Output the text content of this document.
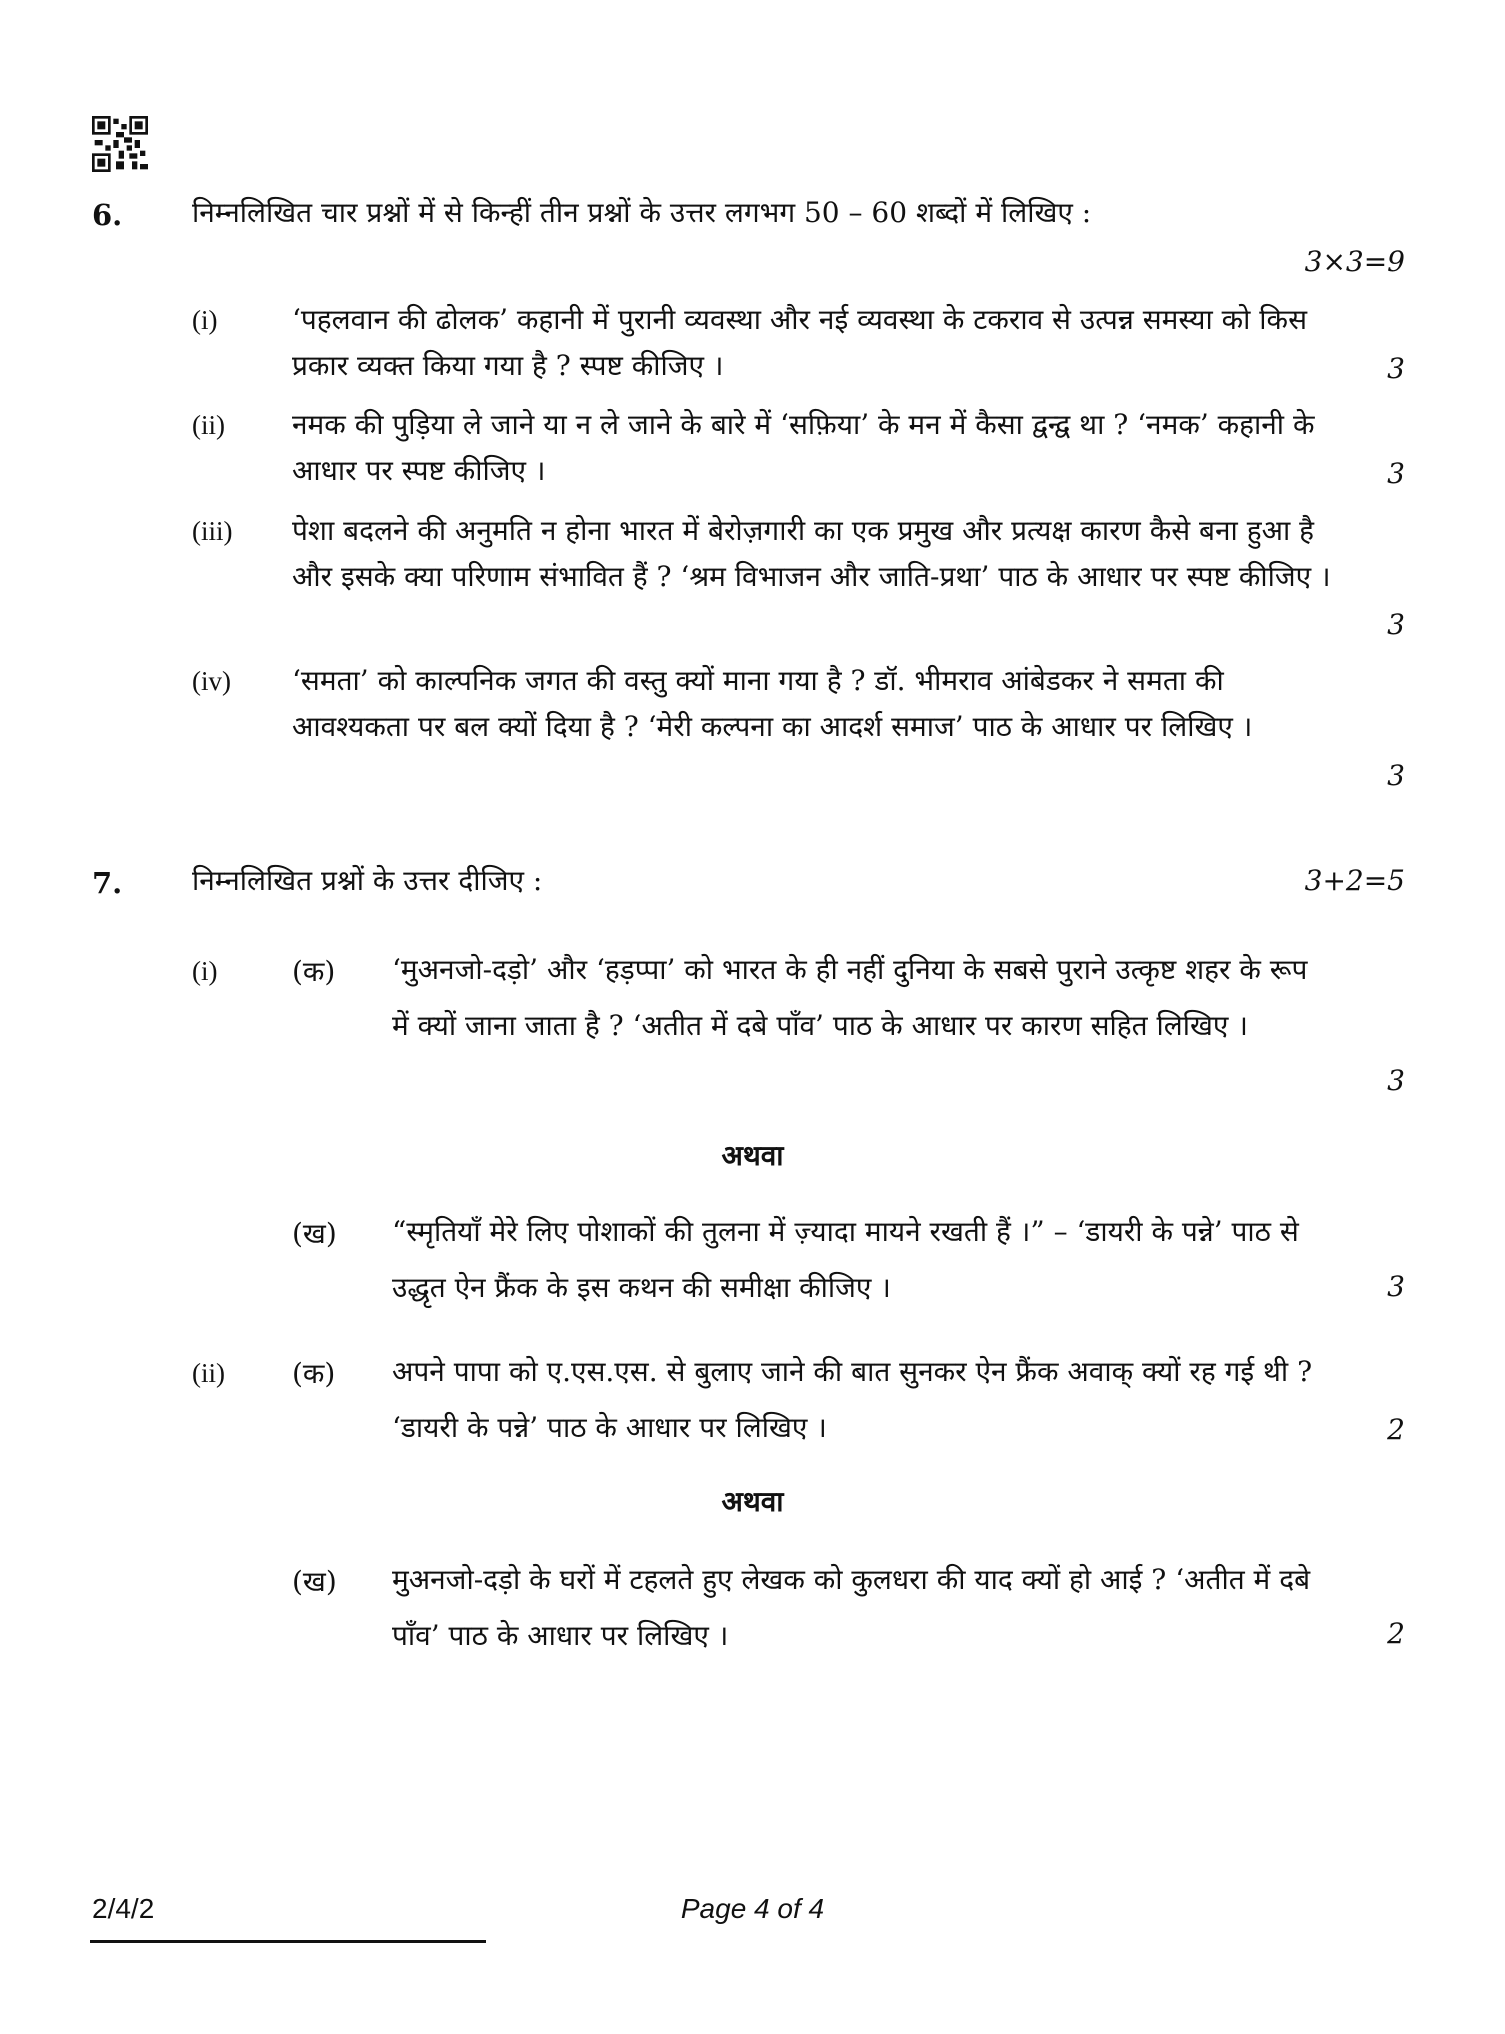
6. निम्नलिखित चार प्रश्नों में से किन्हीं तीन प्रश्नों के उत्तर लगभग 50 – 60 शब्दों में लिखिए :
3×3=9
(i)	‘पहलवान की ढोलक’ कहानी में पुरानी व्यवस्था और नई व्यवस्था के टकराव से उत्पन्न समस्या को किस प्रकार व्यक्त किया गया है ? स्पष्ट कीजिए ।	3
(ii) नमक की पुड़िया ले जाने या न ले जाने के बारे में ‘सफ़िया’ के मन में कैसा द्वन्द्व था ? ‘नमक’ कहानी के आधार पर स्पष्ट कीजिए ।	3
(iii) पेशा बदलने की अनुमति न होना भारत में बेरोज़गारी का एक प्रमुख और प्रत्यक्ष कारण कैसे बना हुआ है और इसके क्या परिणाम संभावित हैं ? ‘श्रम विभाजन और जाति-प्रथा’ पाठ के आधार पर स्पष्ट कीजिए ।
3
(iv) ‘समता’ को काल्पनिक जगत की वस्तु क्यों माना गया है ? डॉ. भीमराव आंबेडकर ने समता की आवश्यकता पर बल क्यों दिया है ? ‘मेरी कल्पना का आदर्श समाज’ पाठ के आधार पर लिखिए ।
3
7. निम्नलिखित प्रश्नों के उत्तर दीजिए :	3+2=5
(i)	(क) ‘मुअनजो-दड़ो’ और ‘हड़प्पा’ को भारत के ही नहीं दुनिया के सबसे पुराने उत्कृष्ट शहर के रूप में क्यों जाना जाता है ? ‘अतीत में दबे पाँव’ पाठ के आधार पर कारण सहित लिखिए ।
3
अथवा
(ख) “स्मृतियाँ मेरे लिए पोशाकों की तुलना में ज़्यादा मायने रखती हैं ।” – ‘डायरी के पन्ने’ पाठ से उद्धृत ऐन फ्रैंक के इस कथन की समीक्षा कीजिए ।	3
(ii) (क) अपने पापा को ए.एस.एस. से बुलाए जाने की बात सुनकर ऐन फ्रैंक अवाक् क्यों रह गई थी ? ‘डायरी के पन्ने’ पाठ के आधार पर लिखिए ।	2
अथवा
(ख) मुअनजो-दड़ो के घरों में टहलते हुए लेखक को कुलधरा की याद क्यों हो आई ? ‘अतीत में दबे पाँव’ पाठ के आधार पर लिखिए ।	2
2/4/2	Page 4 of 4
